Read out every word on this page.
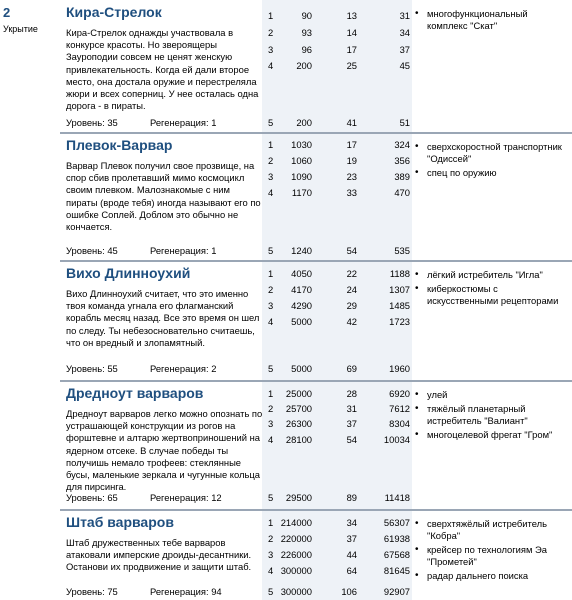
2
Укрытие
Кира-Стрелок
Кира-Стрелок однажды участвовала в конкурсе красоты. Но звероящеры Зауроподии совсем не ценят женскую привлекательность. Когда ей дали второе место, она достала оружие и перестреляла жюри и всех соперниц. У нее осталась одна дорога - в пираты.
Уровень: 35	Регенерация: 1
1	90	13	31
2	93	14	34
3	96	17	37
4 200	25	45
5 200	41	51
• многофункциональный комплекс "Скат"
Плевок-Варвар
Варвар Плевок получил свое прозвище, на спор сбив пролетавший мимо космоцикл своим плевком. Малознакомые с ним пираты (вроде тебя) иногда называют его по ошибке Соплей. Доблом это обычно не кончается.
Уровень: 45	Регенерация: 1
1 1030	17	324
2 1060	19	356
3 1090	23	389
4 1170	33	470
5 1240	54	535
• сверхскоростной транспортник "Одиссей"
• спец по оружию
Вихо Длинноухий
Вихо Длинноухий считает, что это именно твоя команда угнала его флагманский корабль месяц назад. Все это время он шел по следу. Ты небезосновательно считаешь, что он вредный и злопамятный.
Уровень: 55	Регенерация: 2
1 4050	22	1188
2 4170	24	1307
3 4290	29	1485
4 5000	42	1723
5 5000	69	1960
• лёгкий истребитель "Игла"
• киберкостюмы с искусственными рецепторами
Дредноут варваров
Дредноут варваров легко можно опознать по устрашающей конструкции из рогов на форштевне и алтарю жертвоприношений на ядерном отсеке. В случае победы ты получишь немало трофеев: стеклянные бусы, маленькие зеркала и чугунные кольца для пирсинга.
Уровень: 65	Регенерация: 12
1 25000	28	6920
2 25700	31	7612
3 26300	37	8304
4 28100	54	10034
5 29500	89	11418
• улей
• тяжёлый планетарный истребитель "Валиант"
• многоцелевой фрегат "Гром"
Штаб варваров
Штаб дружественных тебе варваров атаковали имперские дроиды-десантники. Останови их продвижение и защити штаб.
Уровень: 75	Регенерация: 94
1 214000	34	56307
2 220000	37	61938
3 226000	44	67568
4 300000	64	81645
5 300000	106	92907
• сверхтяжёлый истребитель "Кобра"
• крейсер по технологиям Эа "Прометей"
• радар дальнего поиска
